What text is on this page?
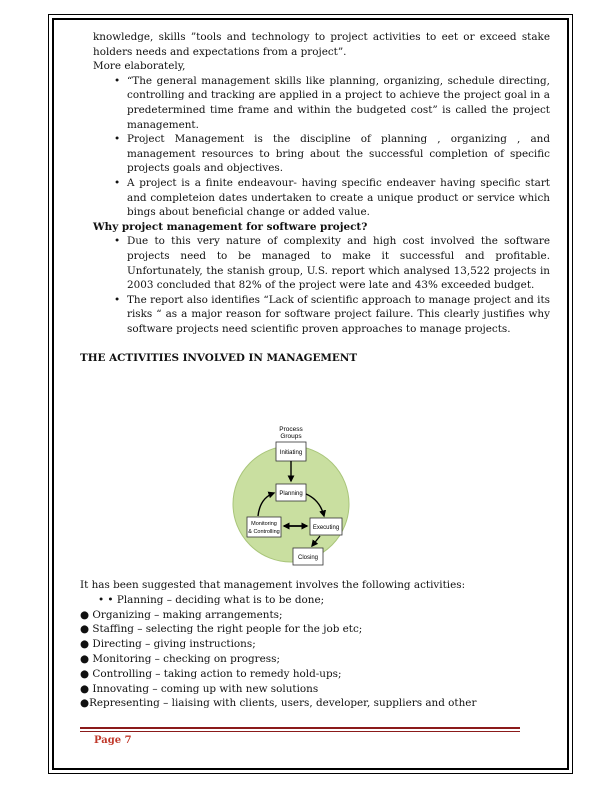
knowledge, skills ”tools and technology to project activities to eet or exceed stake holders needs and expectations from a project”.

More elaborately,

• “The general management skills like planning, organizing, schedule directing, controlling and tracking are applied in a project to achieve the project goal in a predetermined time frame and within the budgeted cost” is called the project management.
• Project Management is the discipline of planning , organizing , and management resources to bring about the successful completion of specific projects goals and objectives.
• A project is a finite endeavour- having specific endeaver having specific start and completeion dates undertaken to create a unique product or service which bings about beneficial change or added value.

Why project management for software project?

• Due to this very nature of complexity and high cost involved the software projects need to be managed to make it successful and profitable. Unfortunately, the stanish group, U.S. report which analysed 13,522 projects in 2003 concluded that 82% of the project were late and 43% exceeded budget.
• The report also identifies “Lack of scientific approach to manage project and its risks “ as a major reason for software project failure. This clearly justifies why software projects need scientific proven approaches to manage projects.

THE ACTIVITIES INVOLVED IN MANAGEMENT

Process
Groups
Initiating
Planning
Monitoring
& Controlling
Executing
Closing

It has been suggested that management involves the following activities:

• • Planning – deciding what is to be done;

● Organizing – making arrangements;

● Staffing – selecting the right people for the job etc;

● Directing – giving instructions;

● Monitoring – checking on progress;

● Controlling – taking action to remedy hold-ups;

● Innovating – coming up with new solutions

●Representing – liaising with clients, users, developer, suppliers and other

Page 7
